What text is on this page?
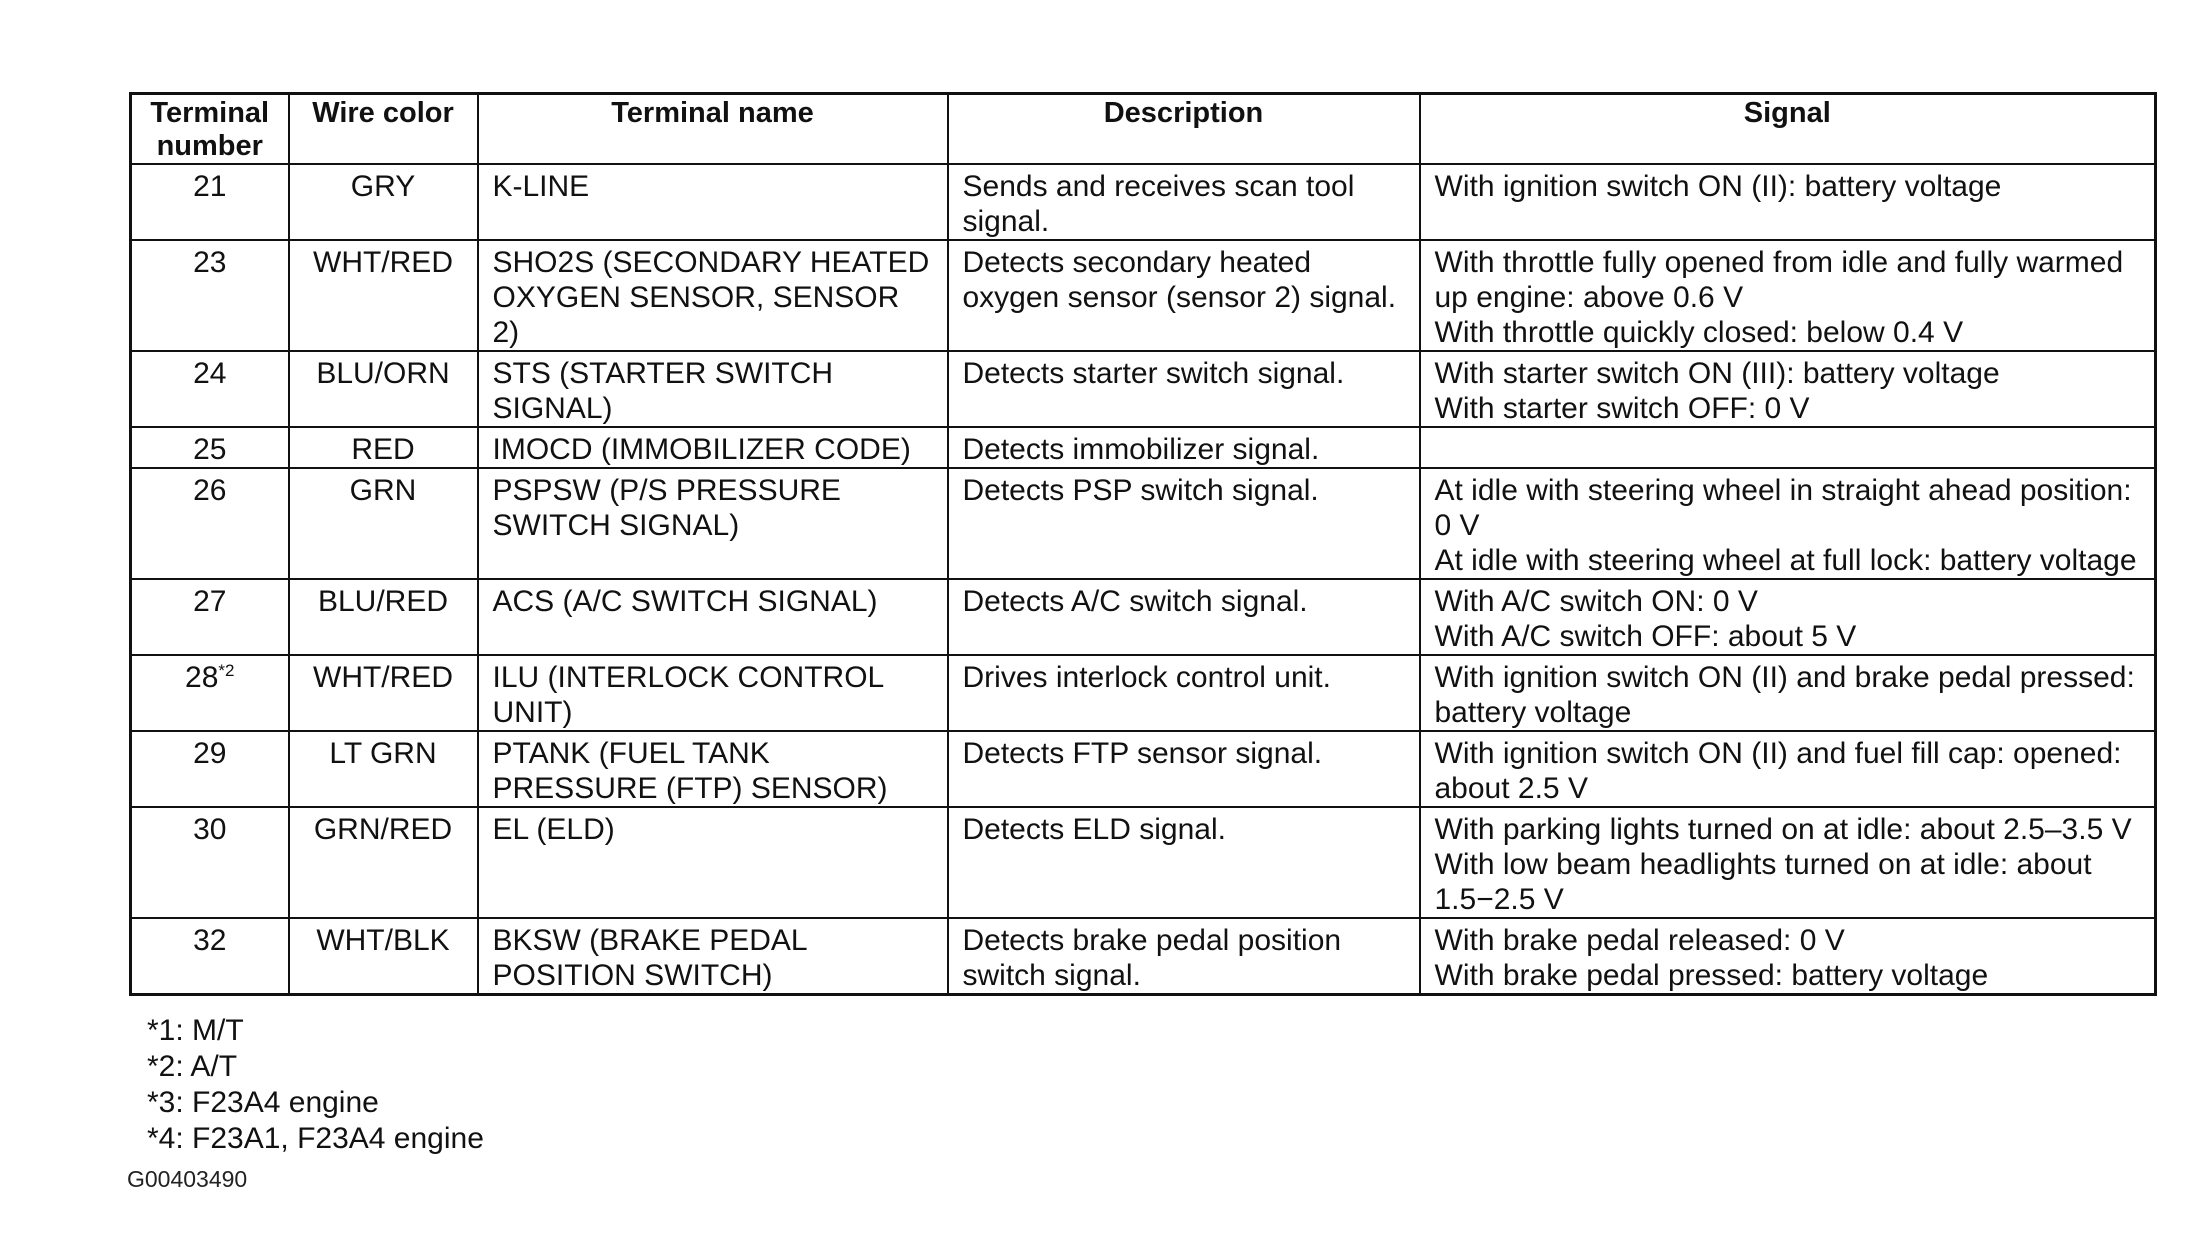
Terminal number	Wire color	Terminal name	Description	Signal
21	GRY	K-LINE	Sends and receives scan tool signal.	With ignition switch ON (II): battery voltage

23	WHT/RED	SHO2S (SECONDARY HEATED OXYGEN SENSOR, SENSOR 2)	Detects secondary heated oxygen sensor (sensor 2) signal.	With throttle fully opened from idle and fully warmed up engine: above 0.6 V
With throttle quickly closed: below 0.4 V

24	BLU/ORN	STS (STARTER SWITCH SIGNAL)	Detects starter switch signal.	With starter switch ON (III): battery voltage
With starter switch OFF: 0 V

25	RED	IMOCD (IMMOBILIZER CODE)	Detects immobilizer signal.	
26	GRN	PSPSW (P/S PRESSURE SWITCH SIGNAL)	Detects PSP switch signal.	At idle with steering wheel in straight ahead position: 0 V
At idle with steering wheel at full lock: battery voltage

27	BLU/RED	ACS (A/C SWITCH SIGNAL)	Detects A/C switch signal.	With A/C switch ON: 0 V
With A/C switch OFF: about 5 V

28$^{*2}$	WHT/RED	ILU (INTERLOCK CONTROL UNIT)	Drives interlock control unit.	With ignition switch ON (II) and brake pedal pressed: battery voltage

29	LT GRN	PTANK (FUEL TANK PRESSURE (FTP) SENSOR)	Detects FTP sensor signal.	With ignition switch ON (II) and fuel fill cap: opened: about 2.5 V

30	GRN/RED	EL (ELD)	Detects ELD signal.	With parking lights turned on at idle: about 2.5–3.5 V
With low beam headlights turned on at idle: about 1.5−2.5 V

32	WHT/BLK	BKSW (BRAKE PEDAL POSITION SWITCH)	Detects brake pedal position switch signal.	With brake pedal released: 0 V
With brake pedal pressed: battery voltage
*1: M/T
*2: A/T
*3: F23A4 engine
*4: F23A1, F23A4 engine
G00403490
